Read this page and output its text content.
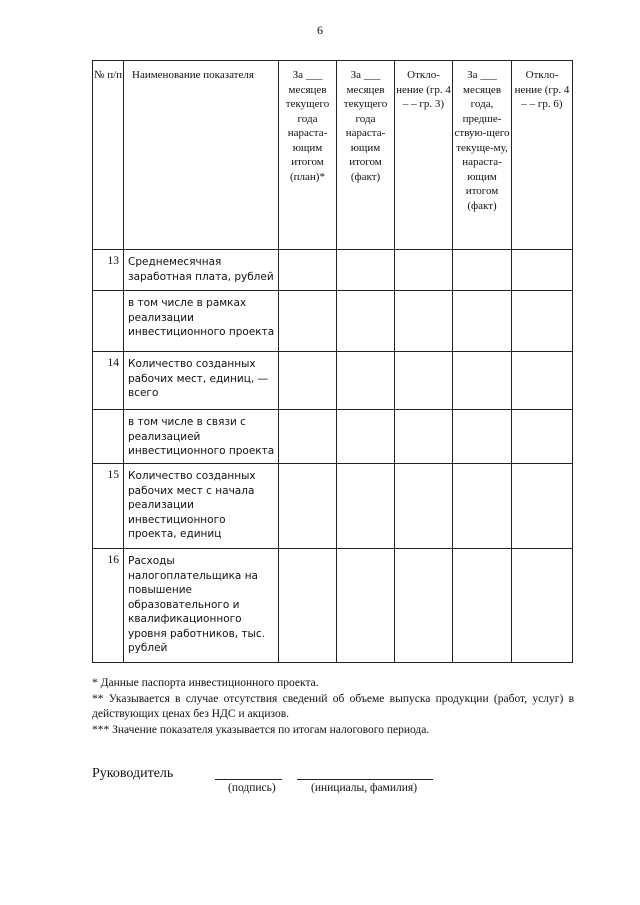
6
№ п/п	Наименование показателя	За ___ месяцев текущего года нараста-ющим итогом (план)*	За ___ месяцев текущего года нараста-ющим итогом (факт)	Откло-нение (гр. 4 – – гр. 3)	За ___ месяцев года, предше-ствую-щего текуще-му, нараста-ющим итогом (факт)	Откло-нение (гр. 4 – – гр. 6)
13	Среднемесячная заработная плата, рублей					
	в том числе в рамках реализации инвестиционного проекта					
14	Количество созданных рабочих мест, единиц, — всего					
	в том числе в связи с реализацией инвестиционного проекта					
15	Количество созданных рабочих мест с начала реализации инвестиционного проекта, единиц					
16	Расходы налогоплательщика на повышение образовательного и квалификационного уровня работников, тыс. рублей					

* Данные паспорта инвестиционного проекта.

** Указывается в случае отсутствия сведений об объеме выпуска продукции (работ, услуг) в действующих ценах без НДС и акцизов.

*** Значение показателя указывается по итогам налогового периода.

Руководитель
(подпись)	(инициалы, фамилия)
